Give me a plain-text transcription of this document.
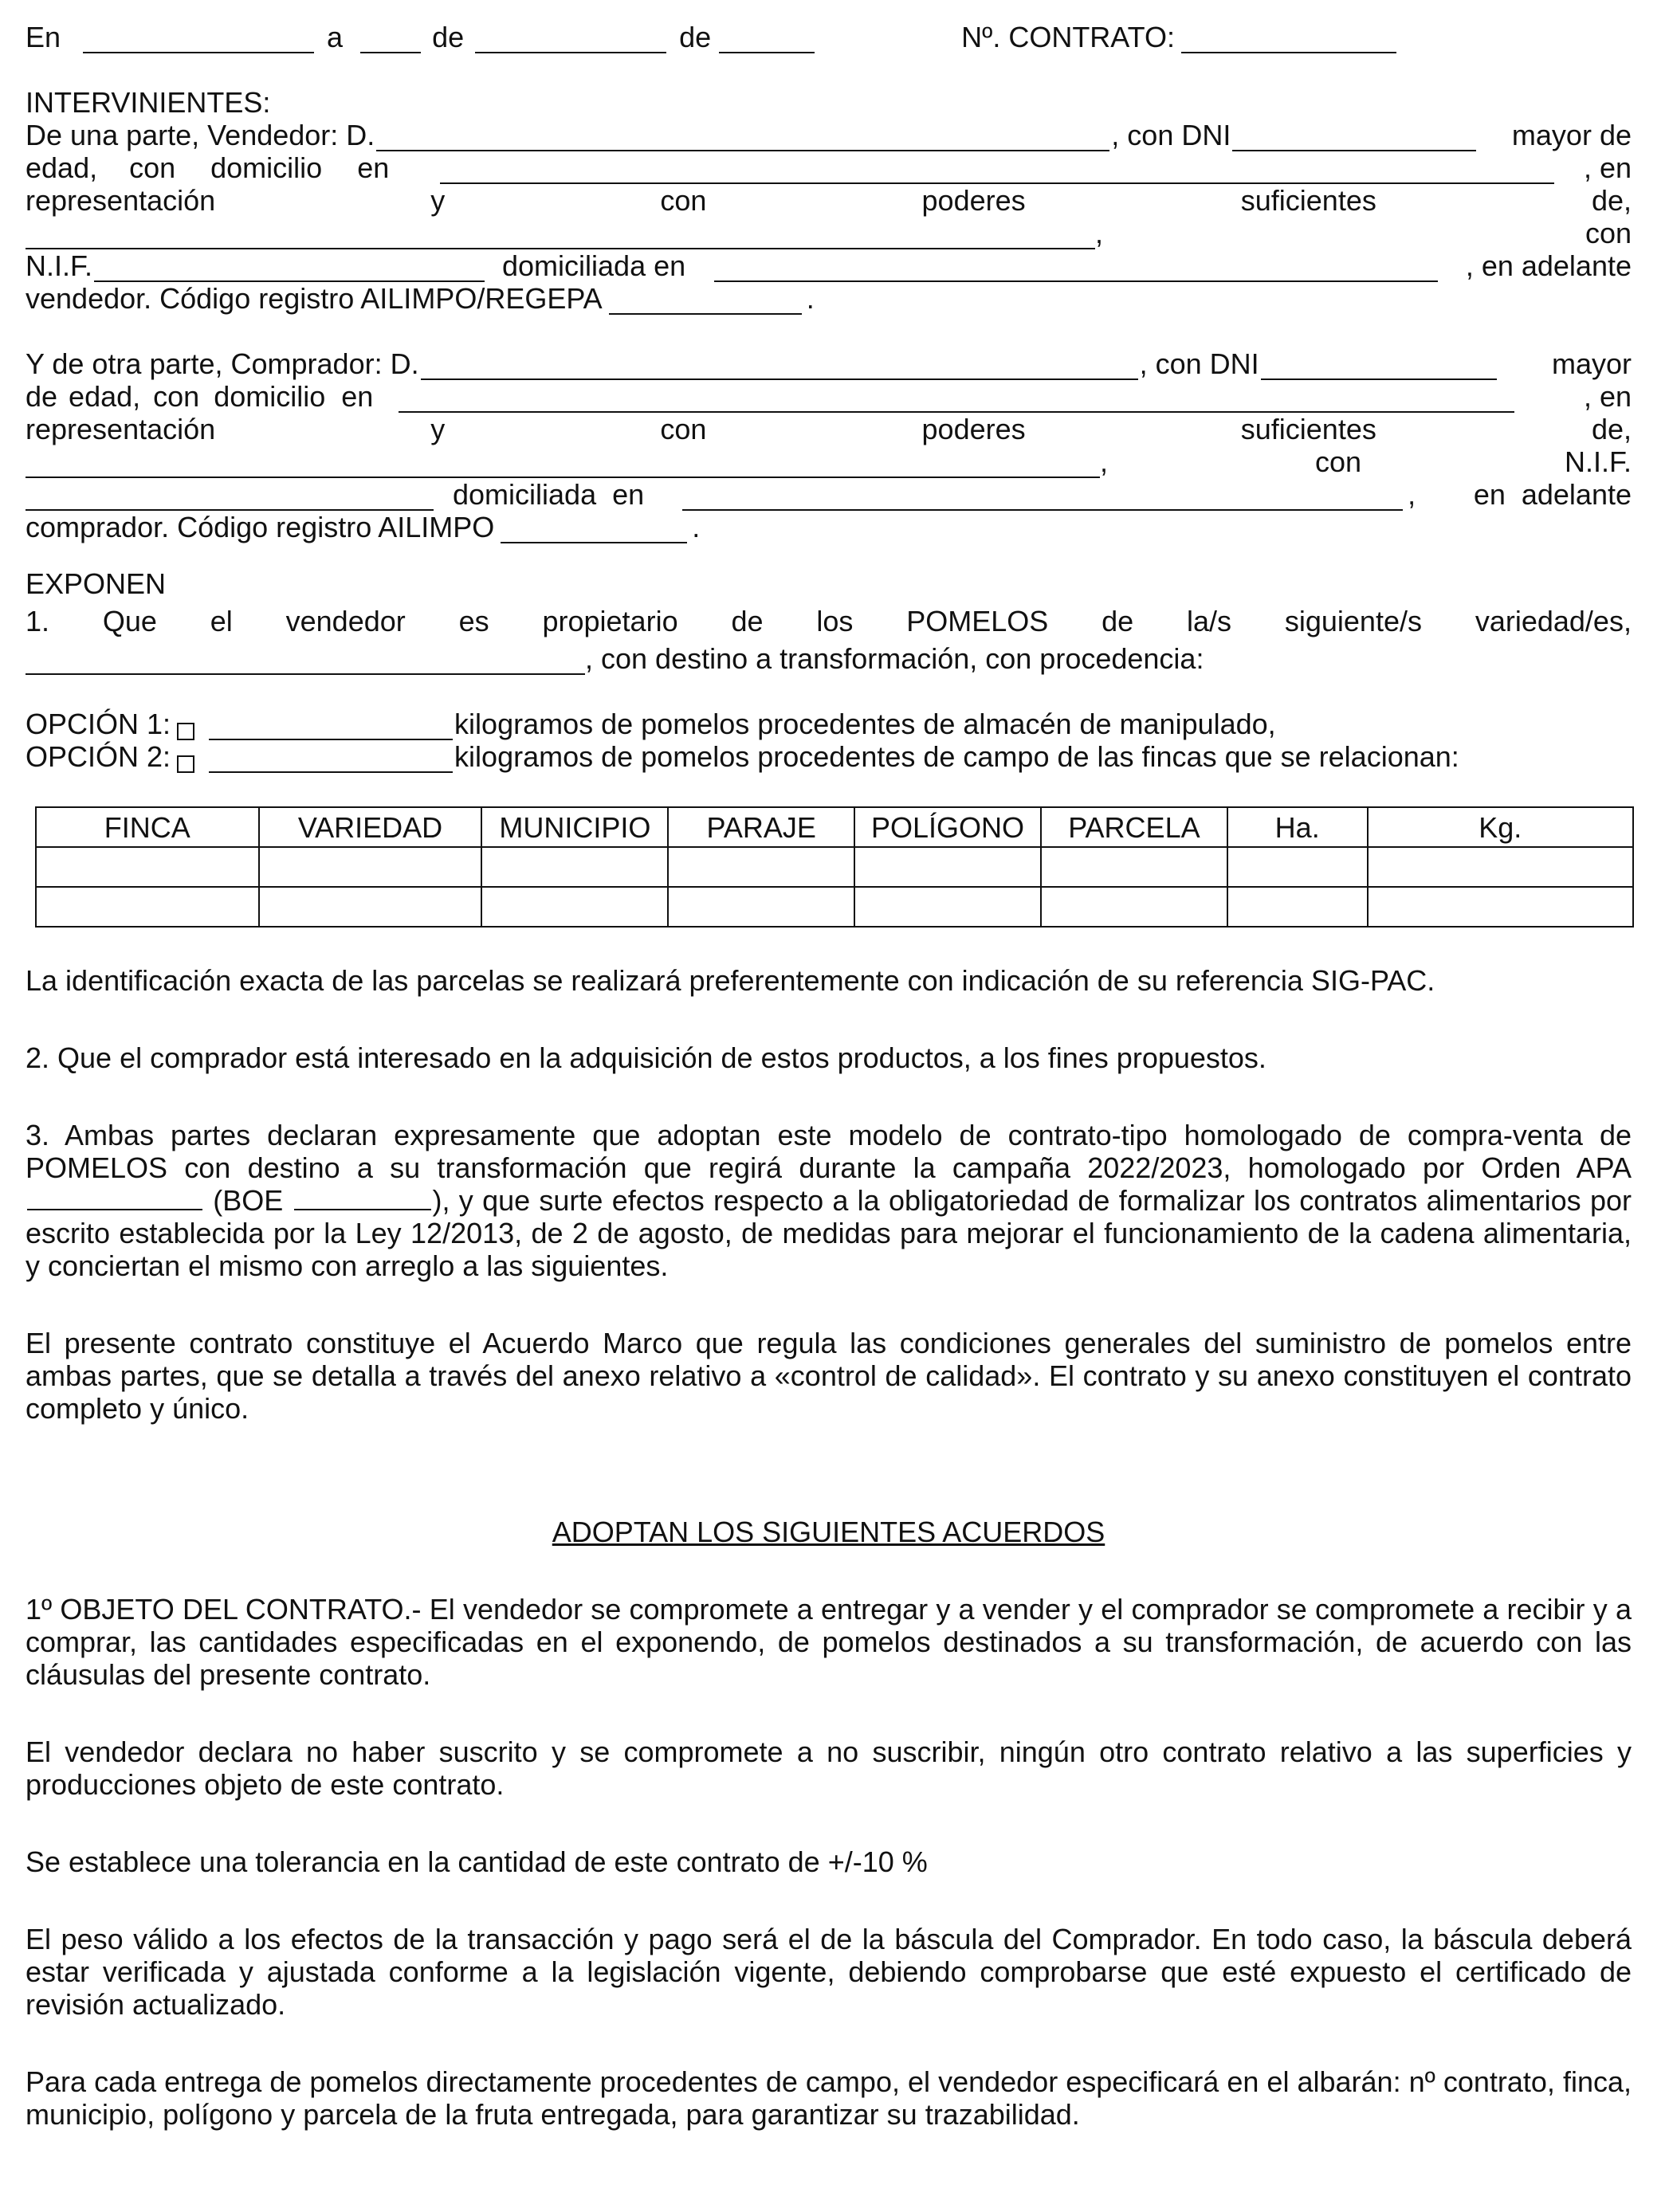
En	a	de	de	Nº. CONTRATO:
INTERVINIENTES:
De una parte, Vendedor: D.	, con DNI	mayor de
edad, con domicilio en	, en
representación	y	con	poderes	suficientes	de,
,	con
N.I.F.	domiciliada en	, en adelante
vendedor. Código registro AILIMPO/REGEPA	.
Y de otra parte, Comprador: D.	, con DNI	mayor
de edad, con domicilio en	, en
representación	y	con	poderes	suficientes	de,
,	con	N.I.F.
domiciliada en	, en adelante
comprador. Código registro AILIMPO	.
EXPONEN
1. Que el vendedor es propietario de los POMELOS de la/s siguiente/s variedad/es,
, con destino a transformación, con procedencia:
OPCIÓN 1:	kilogramos de pomelos procedentes de almacén de manipulado,
OPCIÓN 2:	kilogramos de pomelos procedentes de campo de las fincas que se relacionan:
FINCA	VARIEDAD	MUNICIPIO	PARAJE	POLÍGONO	PARCELA	Ha.	Kg.

La identificación exacta de las parcelas se realizará preferentemente con indicación de su referencia SIG-PAC.

2. Que el comprador está interesado en la adquisición de estos productos, a los fines propuestos.

3. Ambas partes declaran expresamente que adoptan este modelo de contrato-tipo homologado de compra-venta de POMELOS con destino a su transformación que regirá durante la campaña 2022/2023, homologado por Orden APA (BOE	), y que surte efectos respecto a la obligatoriedad de formalizar los contratos alimentarios por escrito establecida por la Ley 12/2013, de 2 de agosto, de medidas para mejorar el funcionamiento de la cadena alimentaria, y conciertan el mismo con arreglo a las siguientes.

El presente contrato constituye el Acuerdo Marco que regula las condiciones generales del suministro de pomelos entre ambas partes, que se detalla a través del anexo relativo a «control de calidad». El contrato y su anexo constituyen el contrato completo y único.

ADOPTAN LOS SIGUIENTES ACUERDOS

1º OBJETO DEL CONTRATO.- El vendedor se compromete a entregar y a vender y el comprador se compromete a recibir y a comprar, las cantidades especificadas en el exponendo, de pomelos destinados a su transformación, de acuerdo con las cláusulas del presente contrato.

El vendedor declara no haber suscrito y se compromete a no suscribir, ningún otro contrato relativo a las superficies y producciones objeto de este contrato.

Se establece una tolerancia en la cantidad de este contrato de +/-10 %

El peso válido a los efectos de la transacción y pago será el de la báscula del Comprador. En todo caso, la báscula deberá estar verificada y ajustada conforme a la legislación vigente, debiendo comprobarse que esté expuesto el certificado de revisión actualizado.

Para cada entrega de pomelos directamente procedentes de campo, el vendedor especificará en el albarán: nº contrato, finca, municipio, polígono y parcela de la fruta entregada, para garantizar su trazabilidad.
